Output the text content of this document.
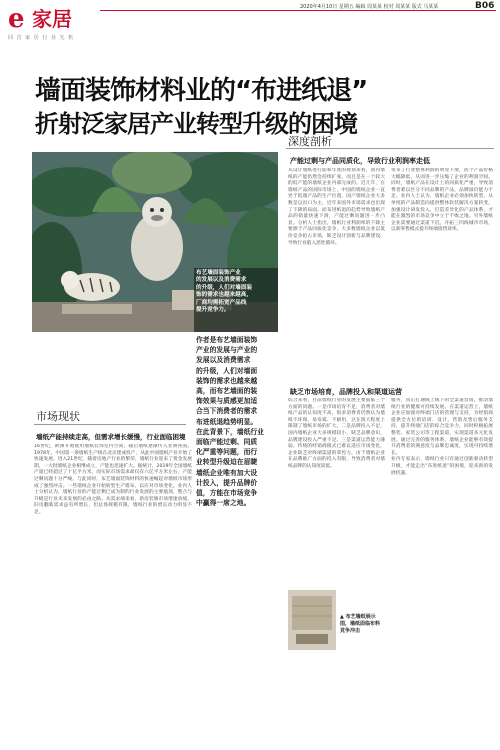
e 家居
回 首 家 居 行 业 先 机
2020年4月10日 星期五 编辑 周某某 校对 周某某 版式 马某某	B06
墙面装饰材料业的“布进纸退”
折射泛家居产业转型升级的困境
布艺墙面装饰产业
的发展以及消费需求
的升级，人们对墙面装
饰的需求也越来越高，
厂商均需拓宽产品线
提升竞争力。
深度剖析
产能过剩与产品同质化，导致行业利润率走低
从设计墙纸进行面和年度的规划来看，国内墙纸的产能仍然会持续扩张，而且是在一个较大的低产能的墙纸企业内部完成的。近几年，在墙纸产品的国际市场上，中国的墙纸企业一直处于低端产品的生产位置，国产墙纸企业大多数是以出口为主，近年来国外市场需求也出现了下降的局面。而布进纸退的趋势导致墙纸产品的销量快速下滑，产能过剩问题进一步凸显。分析人士指出，墙纸行业利润率的下降主要源于产品同质化竞争，大多数墙纸企业以低价竞争抢占市场，缺乏设计创新与品牌建设，导致行业陷入恶性循环。
带来了行业整体利润的明显下滑，而个产品价格大幅降低，从而进一步压缩了企业的利润空间。同时，墙纸产品在设计上的同质化严重，导致消费者难以区分不同品牌的产品，品牌溢价能力不足。业内人士认为，墙纸企业必须加快转型，从单纯的产品制造向提供整体软装解决方案转变，加强设计研发投入，打造差异化的产品体系，才能在激烈的市场竞争中立于不败之地。另外墙纸企业需要通过渠道下沉，开拓三四线城市市场，以新零售模式提升终端销售效率。
缺乏市场培育，品牌投入和渠道运营
综合来看，目前墙纸行业的发展主要面临三个方面的问题。一是市场培育不足，消费者对墙纸产品的认知度不高，很多消费者仍然认为墙纸不环保、易发霉、不耐用，这在很大程度上限制了墙纸市场的扩大。二是品牌投入不足，国内墙纸企业大多规模较小，缺乏品牌意识，品牌建设投入严重不足。三是渠道运营能力薄弱，传统的经销商模式已难以适应市场变化，企业缺乏对终端渠道的掌控力。由于墙纸企业在品牌推广方面的投入有限，导致消费者对墙纸品牌的认知度较低。
服务，真正打通线上线下的全渠道营销，推动墙纸行业的健康可持续发展。在渠道运营上，墙纸企业应加强对终端门店的管理与支持，为经销商提供全方位的培训、设计、营销及售后服务支持，提升终端门店的综合竞争力。同时积极拓展整装、家装公司等工程渠道，实现渠道多元化发展。通过完善的服务体系，墙纸企业能够有效提升消费者的满意度与品牌忠诚度，实现可持续增长。
业内专家表示，墙纸行业只有通过创新驱动转型升级，才能走出“布进纸退”的困境，迎来新的发展机遇。
▲ 布艺墙纸展示
图，墙纸面临布料
竞争冲击
作者是布艺墙面装饰
产业的发展与产业的
发展以及消费需求
的升级，人们对墙面
装饰的需求也越来越
高，而布艺墙面的装
饰效果与质感更加适
合当下消费者的需求
布进纸退趋势明显。
在此背景下，墙纸行业
面临产能过剩、同质
化严重等问题，而行
业转型升级迫在眉睫
墙纸企业唯有加大设
计投入，提升品牌价
值，方能在市场竞争
中赢得一席之地。
市场现状
墙纸产能持续走高，但需求增长缓慢，行业面临困境
16世纪，欧洲开始使用墙纸装饰室内空间，随后墙纸逐渐传入亚洲各国。1978年，中国第一条墙纸生产线在北京建成投产，从此中国墙纸产业开始了快速发展。进入21世纪，随着房地产行业的繁荣，墙纸行业迎来了黄金发展期，一大批墙纸企业相继成立，产能也迅速扩大。据统计，2019年全国墙纸产量已经超过了十亿平方米，而实际市场需求却仅有六亿平方米左右，产能过剩问题十分严峻。与此同时，布艺墙面装饰材料的快速崛起对墙纸市场形成了强烈冲击。一些墙纸企业开始转型生产墙布，以应对市场变化。业内人士分析认为，墙纸行业的产能过剩已成为制约行业发展的主要瓶颈，整合与升级是行业未来发展的必由之路。从需求端来看，新房装修市场增速放缓，旧房翻新需求虽有所增长，但总体规模有限，墙纸行业的增长动力明显不足。
